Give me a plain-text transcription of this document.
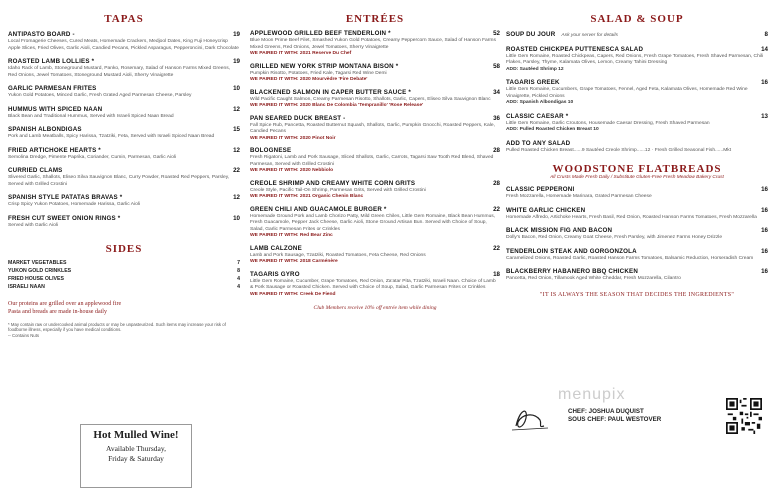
TAPAS
ANTIPASTO BOARD -	19
Local Fromagerie Cheeses, Cured Meats, Homemade Crackers, Medjool Dates, King Fuji Honeycrisp Apple Slices, Fried Olives, Garlic Aioli, Candied Pecans, Pickled Asparagus, Pepperoncini, Dark Chocolate
ROASTED LAMB LOLLIES *	19
Idaho Rack of Lamb, Stoneground Mustard, Panko, Rosemary, Salad of Hanson Farms Mixed Greens, Red Onions, Jewel Tomatoes, Stoneground Mustard Aioli, Sherry Vinaigrette
GARLIC PARMESAN FRITES	10
Yukon Gold Potatoes, Minced Garlic, Fresh Grated Aged Parmesan Cheese, Parsley
HUMMUS WITH SPICED NAAN	12
Black Bean and Traditional Hummus, Served with Israeli Spiced Naan Bread
SPANISH ALBONDIGAS	15
Pork and Lamb Meatballs, Spicy Harissa, Tzatziki, Feta, Served with Israeli Spiced Naan Bread
FRIED ARTICHOKE HEARTS *	12
Semolina Dredge, Pimente Paprika, Coriander, Cumin, Parmesan, Garlic Aioli
CURRIED CLAMS	22
Slivered Garlic, Shallots, Eliseo Silva Sauvignon Blanc, Curry Powder, Roasted Red Peppers, Parsley, Served with Grilled Crostini
SPANISH STYLE PATATAS BRAVAS *	12
Crisp Spicy Yukon Potatoes, Homemade Harissa, Garlic Aioli
FRESH CUT SWEET ONION RINGS *	10
Served with Garlic Aioli
SIDES
MARKET VEGETABLES	7
YUKON GOLD CRINKLES	8
FRIED HOUSE OLIVES	4
ISRAELI NAAN	4
Our proteins are grilled over an applewood fire
Pasta and breads are made in-house daily
* May contain raw or undercooked animal products or may be unpasteurized. Such items may increase your risk of foodborne illness, especially if you have medical conditions.
-- Contains Nuts
ENTRÉES
APPLEWOOD GRILLED BEEF TENDERLOIN *	52
Blue Moon Prime Beef Filet, Smashed Yukon Gold Potatoes, Creamy Peppercorn Sauce, Salad of Hanson Farms Mixed Greens, Red Onions, Jewel Tomatoes, Sherry Vinaigrette
WE PAIRED IT WITH: 2021 Reserve Du Chef
GRILLED NEW YORK STRIP MONTANA BISON *	58
Pumpkin Risotto, Potatoes, Fried Kale, Tagarsi Red Wine Demi
WE PAIRED IT WITH: 2020 Mourvèdre 'Fire Debate'
BLACKENED SALMON IN CAPER BUTTER SAUCE *	34
Wild Pacific Caught Salmon, Creamy Parmesan Risotto, Shallots, Garlic, Capers, Eliseo Silva Sauvignon Blanc
WE PAIRED IT WITH: 2020 Blanc De Colombia 'Tempranillo' 'Rose Release'
PAN SEARED DUCK BREAST -	36
Fall Spice Rub, Pancetta, Roasted Butternut Squash, Shallots, Garlic, Pumpkin Gnocchi, Roasted Peppers, Kale, Candied Pecans
WE PAIRED IT WITH: 2020 Pinot Noir
BOLOGNESE	28
Fresh Rigatoni, Lamb and Pork Sausage, Sliced Shallots, Garlic, Carrots, Tagarsi Saw Tooth Red Blend, Shaved Parmesan, Served with Grilled Crostini
WE PAIRED IT WITH: 2020 Nebbiolo
CREOLE SHRIMP AND CREAMY WHITE CORN GRITS	28
Creole Style, Pacific Tail-On Shrimp, Parmesan Grits, Served with Grilled Crostini
WE PAIRED IT WITH: 2021 Organic Chenin Blanc
GREEN CHILI AND GUACAMOLE BURGER *	22
Homemade Ground Pork and Lamb Chorizo Patty, Mild Green Chiles, Little Gem Romaine, Black Bean Hummus, Fresh Guacamole, Pepper Jack Cheese, Garlic Aioli, Stone Ground Artisan Bun. Served with Choice of Soup, Salad, Garlic Parmesan Frites or Crinkles
WE PAIRED IT WITH: Red Bear Zinc
LAMB CALZONE	22
Lamb and Pork Sausage, Tzatziki, Roasted Tomatoes, Feta Cheese, Red Onions
WE PAIRED IT WITH: 2018 Carménère
TAGARIS GYRO	18
Little Gem Romaine, Cucumber, Grape Tomatoes, Red Onion, Za'atar Pita, Tzatziki, Israeli Naan. Choice of Lamb & Pork Sausage or Roasted Chicken. Served with Choice of Soup, Salad, Garlic Parmesan Frites or Crinkles
WE PAIRED IT WITH: Creek De Fiend
Club Members receive 10% off entrée item while dining
Hot Mulled Wine!
Available Thursday,
Friday & Saturday
SALAD & SOUP
SOUP DU JOUR Ask your server for details	8
ROASTED CHICKPEA PUTTENESCA SALAD	14
Little Gem Romaine, Roasted Chickpeas, Capers, Red Onions, Fresh Grape Tomatoes, Fresh Shaved Parmesan, Chili Flakes, Parsley, Thyme, Kalamata Olives, Lemon, Creamy Tahini Dressing
ADD: Sautéed Shrimp 12
TAGARIS GREEK	16
Little Gem Romaine, Cucumbers, Grape Tomatoes, Fennel, Aged Feta, Kalamata Olives, Homemade Red Wine Vinaigrette, Pickled Onions
ADD: Spanish Albondigas 10
CLASSIC CAESAR *	13
Little Gem Romaine, Garlic Croutons, Housemade Caesar Dressing, Fresh Shaved Parmesan
ADD: Pulled Roasted Chicken Breast 10
ADD TO ANY SALAD
Pulled Roasted Chicken Breast......9 Sautéed Creole Shrimp......12 · Fresh Grilled Seasonal Fish......Mkt
WOODSTONE FLATBREADS
All Crusts Made Fresh Daily / Substitute Gluten-Free Fresh Meadow Bakery Crust
CLASSIC PEPPERONI	16
Fresh Mozzarella, Homemade Marinara, Grated Parmesan Cheese
WHITE GARLIC CHICKEN	16
Homemade Alfredo, Artichoke Hearts, Fresh Basil, Red Onion, Roasted Hanson Farms Tomatoes, Fresh Mozzarella
BLACK MISSION FIG AND BACON	16
Dolly's Bacon, Red Onion, Creamy Goat Cheese, Fresh Parsley, with Jimenez Farms Honey Drizzle
TENDERLOIN STEAK AND GORGONZOLA	16
Caramelized Onions, Roasted Garlic, Roasted Hanson Farms Tomatoes, Balsamic Reduction, Horseradish Cream
BLACKBERRY HABANERO BBQ CHICKEN	16
Pancetta, Red Onion, Tillamook Aged White Cheddar, Fresh Mozzarella, Cilantro
"IT IS ALWAYS THE SEASON THAT DECIDES THE INGREDIENTS"
menupix
CHEF: JOSHUA DUQUIST
SOUS CHEF: PAUL WESTOVER
